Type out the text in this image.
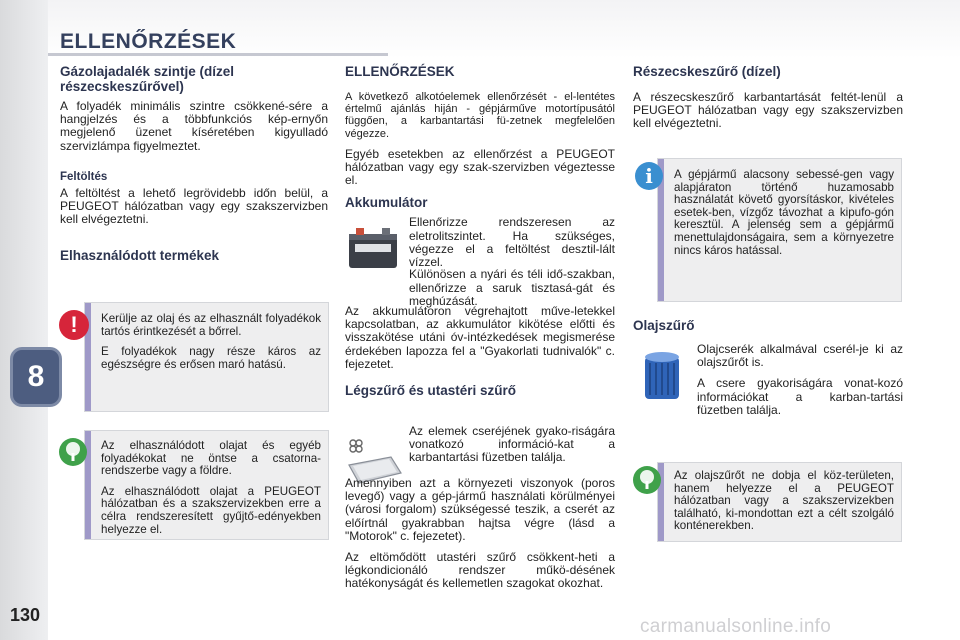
ELLENŐRZÉSEK
8
130
carmanualsonline.info
Gázolajadalék szintje (dízel részecskeszűrővel)
A folyadék minimális szintre csökkené-sére a hangjelzés és a többfunkciós kép-ernyőn megjelenő üzenet kíséretében kigyulladó szervizlámpa figyelmeztet.
Feltöltés
A feltöltést a lehető legrövidebb időn belül, a PEUGEOT hálózatban vagy egy szakszervizben kell elvégeztetni.
Elhasználódott termékek
Kerülje az olaj és az elhasznált folyadékok tartós érintkezését a bőrrel.
E folyadékok nagy része káros az egészségre és erősen maró hatású.
!
Az elhasználódott olajat és egyéb folyadékokat ne öntse a csatorna-rendszerbe vagy a földre.
Az elhasználódott olajat a PEUGEOT hálózatban és a szakszervizekben erre a célra rendszeresített gyűjtő-edényekben helyezze el.
ELLENŐRZÉSEK
A következő alkotóelemek ellenőrzését - el-lentétes értelmű ajánlás hiján - gépjárműve motortípusától függően, a karbantartási fü-zetnek megfelelően végezze.
Egyéb esetekben az ellenőrzést a PEUGEOT hálózatban vagy egy szak-szervizben végeztesse el.
Akkumulátor
Ellenőrizze rendszeresen az eletrolitszintet. Ha szükséges, végezze el a feltöltést desztil-lált vízzel.
Különösen a nyári és téli idő-szakban, ellenőrizze a saruk tisztasá-gát és meghúzását.
Az akkumulátoron végrehajtott műve-letekkel kapcsolatban, az akkumulátor kikötése előtti és visszakötése utáni óv-intézkedések megismerése érdekében lapozza fel a "Gyakorlati tudnivalók" c. fejezetet.
Légszűrő és utastéri szűrő
Az elemek cseréjének gyako-riságára vonatkozó információ-kat a karbantartási füzetben találja.
Amennyiben azt a környezeti viszonyok (poros levegő) vagy a gép-jármű használati körülményei (városi forgalom) szükségessé teszik, a cserét az előírtnál gyakrabban hajtsa végre (lásd a "Motorok" c. fejezetet).
Az eltömődött utastéri szűrő csökkent-heti a légkondicionáló rendszer műkö-désének hatékonyságát és kellemetlen szagokat okozhat.
Részecskeszűrő (dízel)
A részecskeszűrő karbantartását feltét-lenül a PEUGEOT hálózatban vagy egy szakszervizben kell elvégeztetni.
A gépjármű alacsony sebessé-gen vagy alapjáraton történő huzamosabb használatát követő gyorsításkor, kivételes esetek-ben, vízgőz távozhat a kipufo-gón keresztül. A jelenség sem a gépjármű menettulajdonságaira, sem a környezetre nincs káros hatással.
i
Olajszűrő
Olajcserék alkalmával cserél-je ki az olajszűrőt is.
A csere gyakoriságára vonat-kozó információkat a karban-tartási füzetben találja.
Az olajszűrőt ne dobja el köz-területen, hanem helyezze el a PEUGEOT hálózatban vagy a szakszervizekben található, ki-mondottan ezt a célt szolgáló konténerekben.
